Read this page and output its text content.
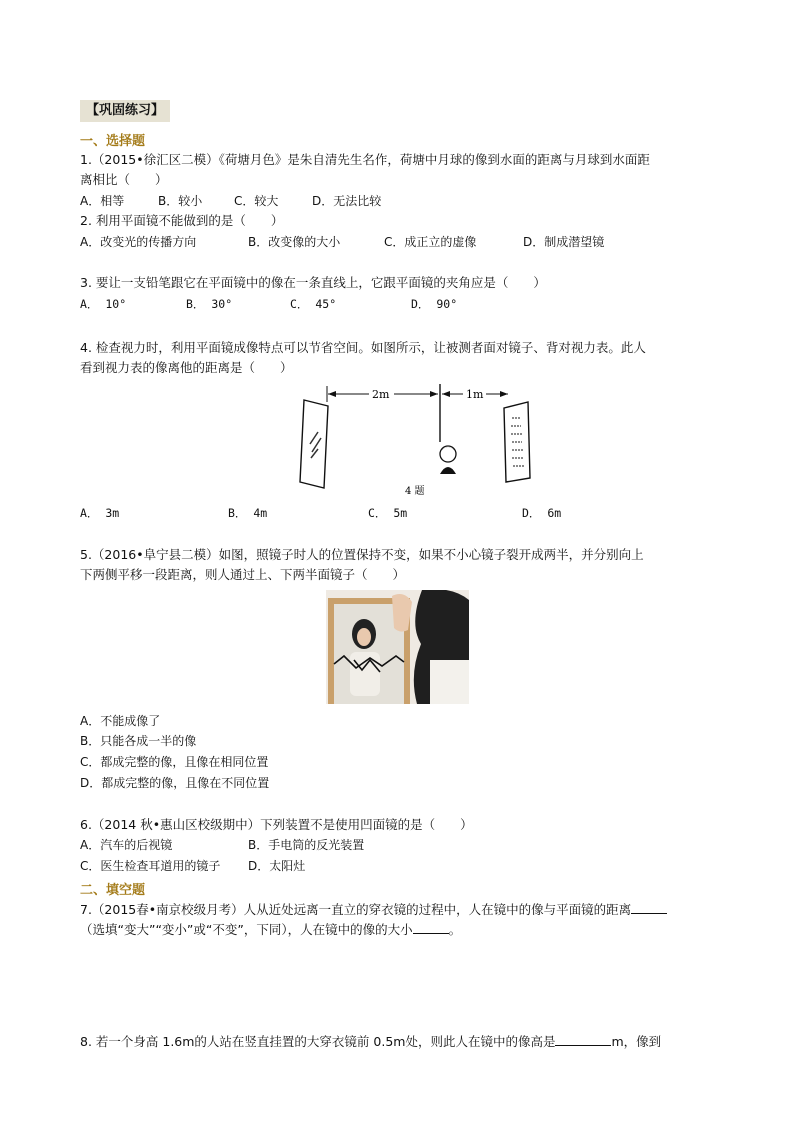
【巩固练习】
一、选择题
1.（2015•徐汇区二模）《荷塘月色》是朱自清先生名作，荷塘中月球的像到水面的距离与月球到水面距
离相比（　　）
A．相等	B．较小	C．较大	D．无法比较
2. 利用平面镜不能做到的是（　　）
A．改变光的传播方向	B．改变像的大小	C．成正立的虚像	D．制成潜望镜
3. 要让一支铅笔跟它在平面镜中的像在一条直线上，它跟平面镜的夹角应是（　　）
A． 10°	B． 30°	C． 45°	D． 90°
4. 检查视力时，利用平面镜成像特点可以节省空间。如图所示，让被测者面对镜子、背对视力表。此人
看到视力表的像离他的距离是（　　）
2m	1m
4 题
A． 3m	B． 4m	C． 5m	D． 6m
5.（2016•阜宁县二模）如图，照镜子时人的位置保持不变，如果不小心镜子裂开成两半，并分别向上
下两侧平移一段距离，则人通过上、下两半面镜子（　　）
A．不能成像了
B．只能各成一半的像
C．都成完整的像，且像在相同位置
D．都成完整的像，且像在不同位置
6.（2014 秋•惠山区校级期中）下列装置不是使用凹面镜的是（　　）
A．汽车的后视镜	B．手电筒的反光装置
C．医生检查耳道用的镜子 D．太阳灶
二、填空题
7.（2015春•南京校级月考）人从近处远离一直立的穿衣镜的过程中，人在镜中的像与平面镜的距离
（选填“变大”“变小”或“不变”，下同），人在镜中的像的大小	。
8. 若一个身高 1.6m的人站在竖直挂置的大穿衣镜前 0.5m处，则此人在镜中的像高是	m，像到
